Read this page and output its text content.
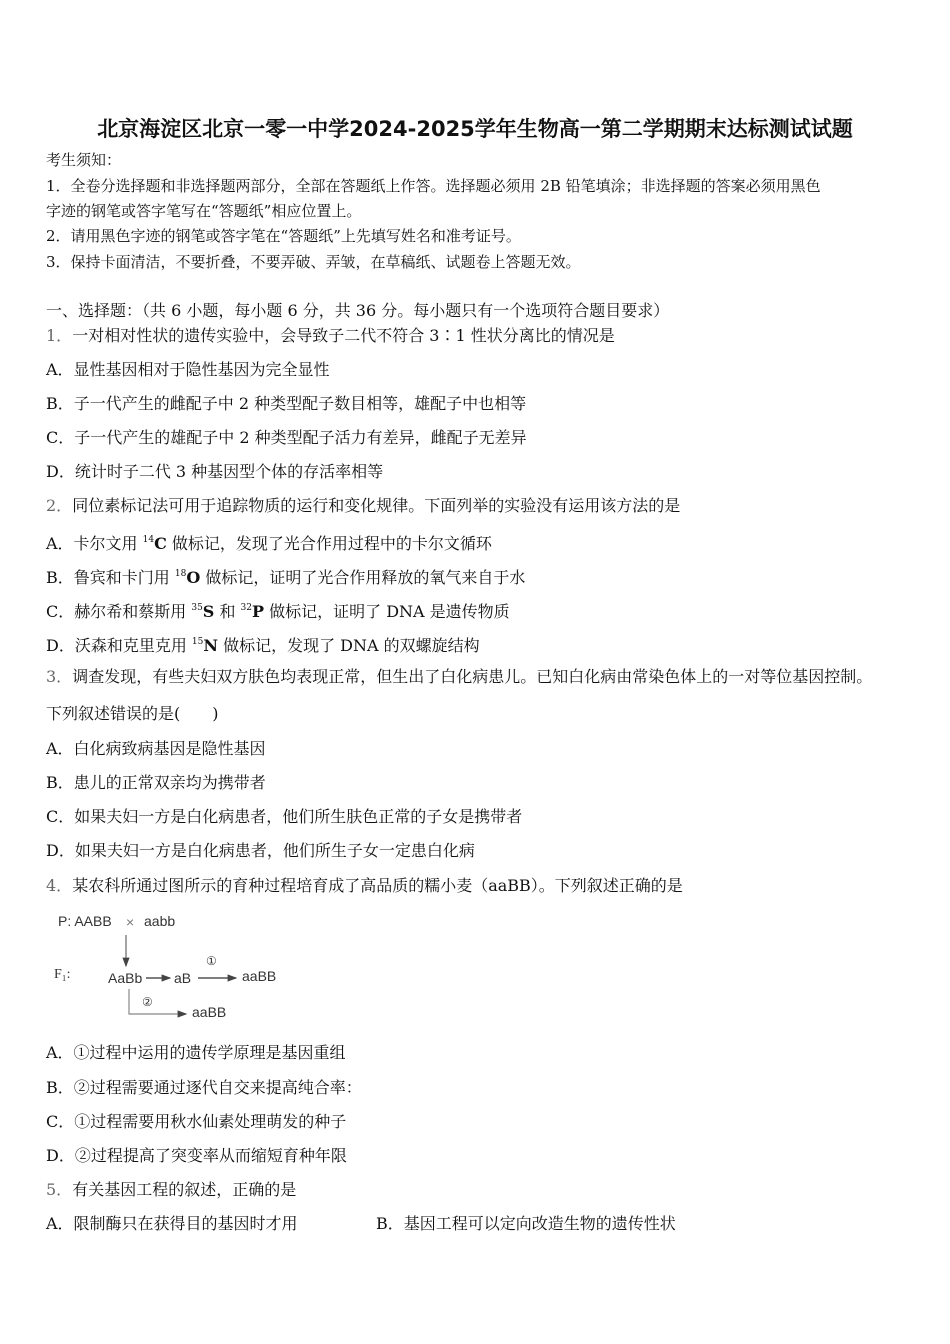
北京海淀区北京一零一中学2024-2025学年生物高一第二学期期末达标测试试题
考生须知：
1．全卷分选择题和非选择题两部分，全部在答题纸上作答。选择题必须用 2B 铅笔填涂；非选择题的答案必须用黑色
字迹的钢笔或答字笔写在“答题纸”相应位置上。
2．请用黑色字迹的钢笔或答字笔在“答题纸”上先填写姓名和准考证号。
3．保持卡面清洁，不要折叠，不要弄破、弄皱，在草稿纸、试题卷上答题无效。
一、选择题：（共 6 小题，每小题 6 分，共 36 分。每小题只有一个选项符合题目要求）
1．一对相对性状的遗传实验中，会导致子二代不符合 3∶1 性状分离比的情况是
A．显性基因相对于隐性基因为完全显性
B．子一代产生的雌配子中 2 种类型配子数目相等，雄配子中也相等
C．子一代产生的雄配子中 2 种类型配子活力有差异，雌配子无差异
D．统计时子二代 3 种基因型个体的存活率相等
2．同位素标记法可用于追踪物质的运行和变化规律。下面列举的实验没有运用该方法的是
A．卡尔文用 $^{14}$C 做标记，发现了光合作用过程中的卡尔文循环
B．鲁宾和卡门用 $^{18}$O 做标记，证明了光合作用释放的氧气来自于水
C．赫尔希和蔡斯用 $^{35}$S 和 $^{32}$P 做标记，证明了 DNA 是遗传物质
D．沃森和克里克用 $^{15}$N 做标记，发现了 DNA 的双螺旋结构
3．调查发现，有些夫妇双方肤色均表现正常，但生出了白化病患儿。已知白化病由常染色体上的一对等位基因控制。
下列叙述错误的是(　　)
A．白化病致病基因是隐性基因
B．患儿的正常双亲均为携带者
C．如果夫妇一方是白化病患者，他们所生肤色正常的子女是携带者
D．如果夫妇一方是白化病患者，他们所生子女一定患白化病
4．某农科所通过图所示的育种过程培育成了高品质的糯小麦（aaBB）。下列叙述正确的是
P: AABB × aabb
F₁:	AaBb aB
①
aaBB
②
aaBB
A．①过程中运用的遗传学原理是基因重组
B．②过程需要通过逐代自交来提高纯合率：
C．①过程需要用秋水仙素处理萌发的种子
D．②过程提高了突变率从而缩短育种年限
5．有关基因工程的叙述，正确的是
A．限制酶只在获得目的基因时才用	B．基因工程可以定向改造生物的遗传性状
